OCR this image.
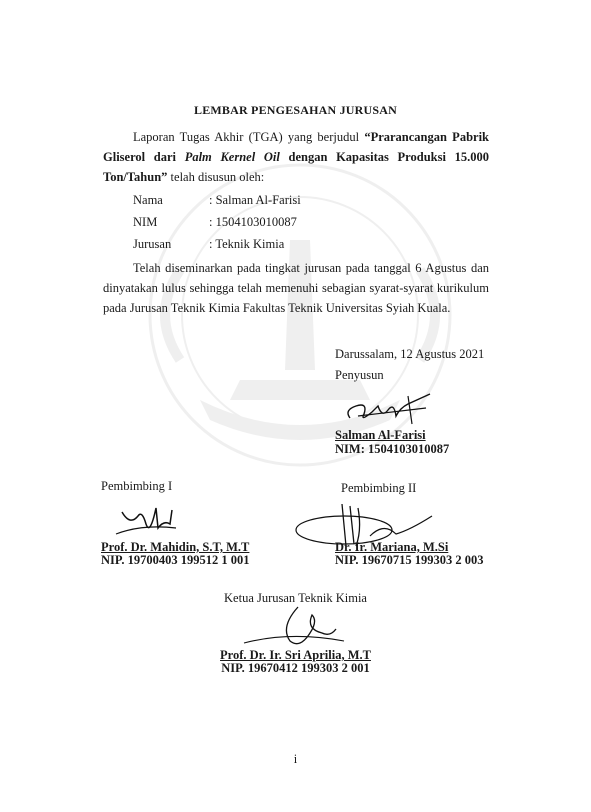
LEMBAR PENGESAHAN JURUSAN
Laporan Tugas Akhir (TGA) yang berjudul “Prarancangan Pabrik Gliserol dari Palm Kernel Oil dengan Kapasitas Produksi 15.000 Ton/Tahun” telah disusun oleh:
Nama	: Salman Al-Farisi
NIM	: 1504103010087
Jurusan	: Teknik Kimia
Telah diseminarkan pada tingkat jurusan pada tanggal 6 Agustus dan dinyatakan lulus sehingga telah memenuhi sebagian syarat-syarat kurikulum pada Jurusan Teknik Kimia Fakultas Teknik Universitas Syiah Kuala.
Darussalam, 12 Agustus 2021
Penyusun
Salman Al-Farisi
NIM: 1504103010087
Pembimbing I	Pembimbing II
Prof. Dr. Mahidin, S.T, M.T
NIP. 19700403 199512 1 001
Dr. Ir. Mariana, M.Si
NIP. 19670715 199303 2 003
Ketua Jurusan Teknik Kimia
Prof. Dr. Ir. Sri Aprilia, M.T
NIP. 19670412 199303 2 001
i
